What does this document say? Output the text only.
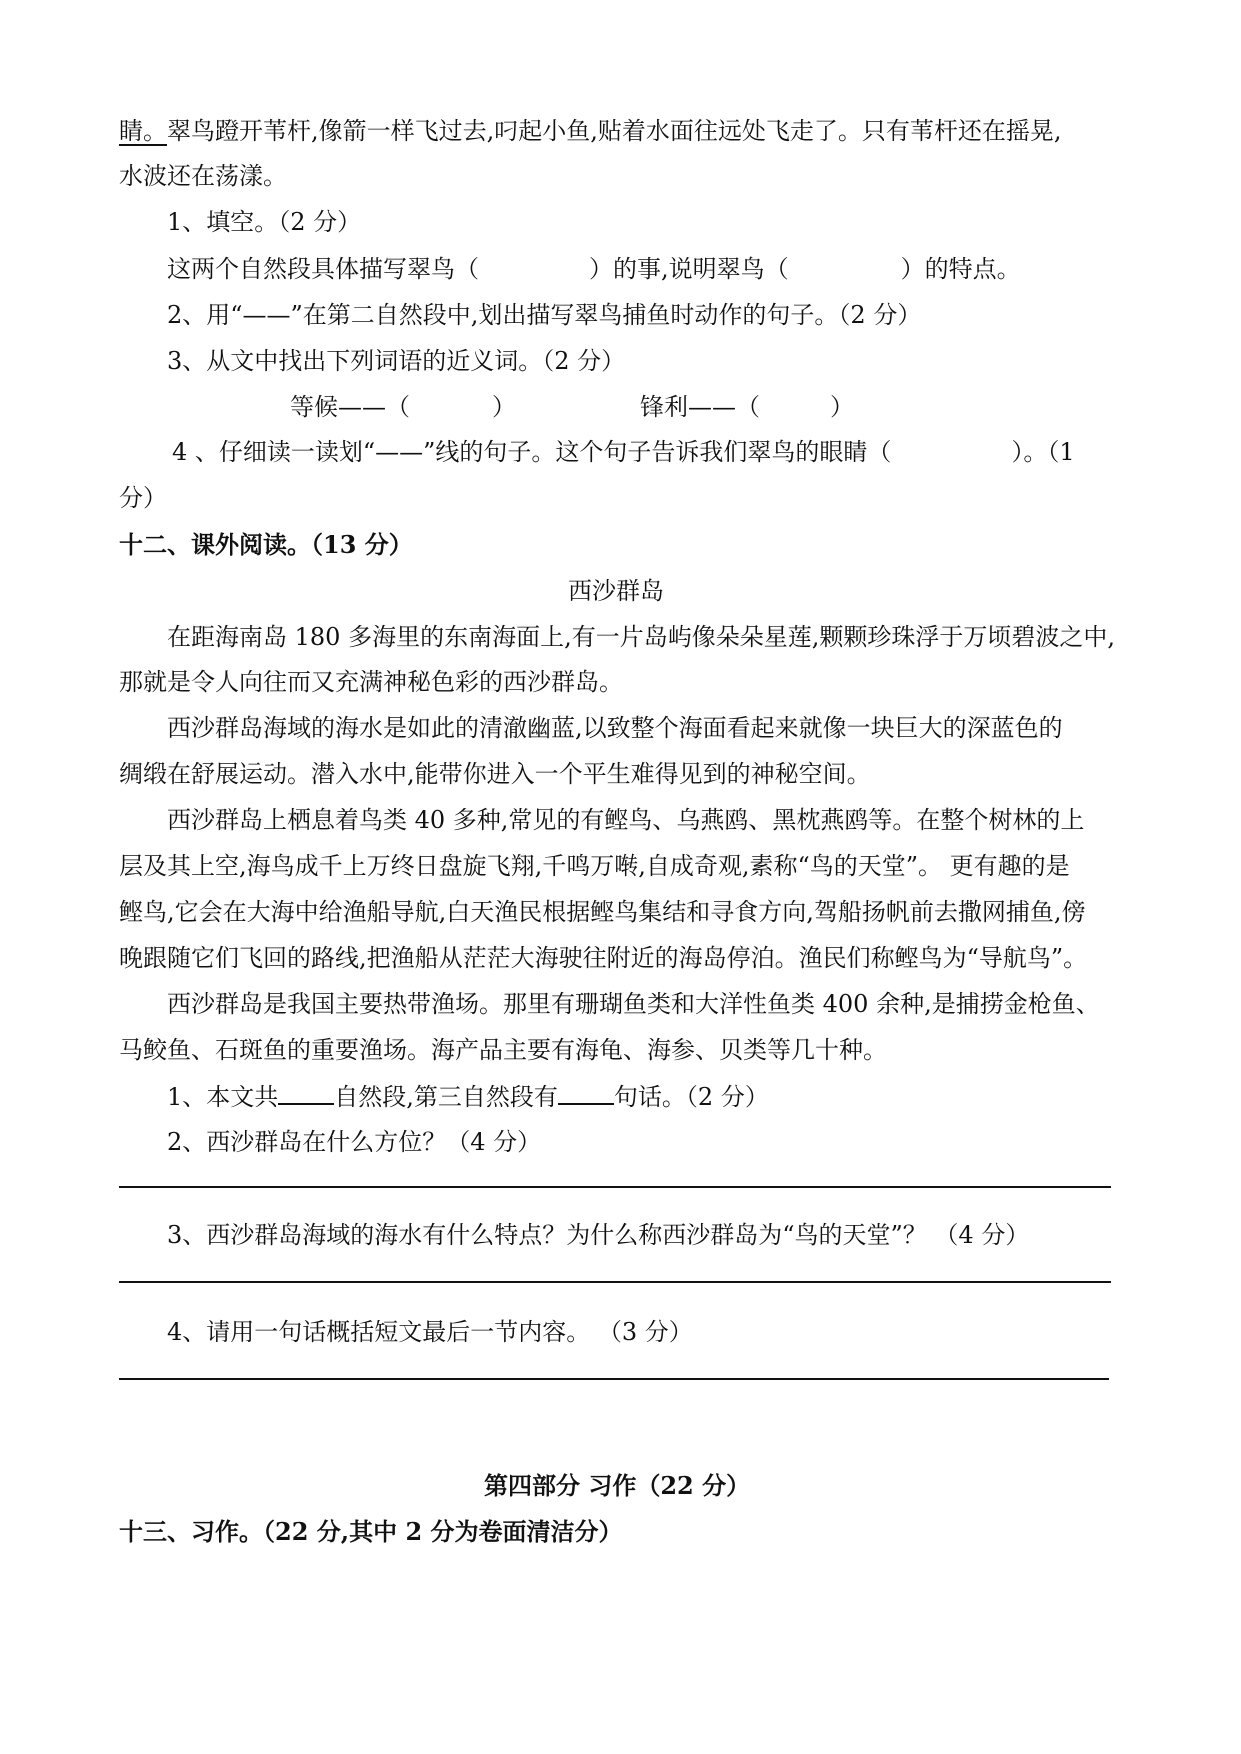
睛。翠鸟蹬开苇杆,像箭一样飞过去,叼起小鱼,贴着水面往远处飞走了。只有苇杆还在摇晃,
水波还在荡漾。
1、填空。（2 分）
这两个自然段具体描写翠鸟（	）的事,说明翠鸟（	）的特点。
2、用“——”在第二自然段中,划出描写翠鸟捕鱼时动作的句子。（2 分）
3、从文中找出下列词语的近义词。（2 分）
等候——（	）	锋利——（	）
4 、仔细读一读划“——”线的句子。这个句子告诉我们翠鸟的眼睛（	）。（1
分）
十二、课外阅读。（13 分）
西沙群岛
在距海南岛 180 多海里的东南海面上,有一片岛屿像朵朵星莲,颗颗珍珠浮于万顷碧波之中,
那就是令人向往而又充满神秘色彩的西沙群岛。
西沙群岛海域的海水是如此的清澈幽蓝,以致整个海面看起来就像一块巨大的深蓝色的
绸缎在舒展运动。潜入水中,能带你进入一个平生难得见到的神秘空间。
西沙群岛上栖息着鸟类 40 多种,常见的有鲣鸟、乌燕鸥、黑枕燕鸥等。在整个树林的上
层及其上空,海鸟成千上万终日盘旋飞翔,千鸣万啭,自成奇观,素称“鸟的天堂”。 更有趣的是
鲣鸟,它会在大海中给渔船导航,白天渔民根据鲣鸟集结和寻食方向,驾船扬帆前去撒网捕鱼,傍
晚跟随它们飞回的路线,把渔船从茫茫大海驶往附近的海岛停泊。渔民们称鲣鸟为“导航鸟”。
西沙群岛是我国主要热带渔场。那里有珊瑚鱼类和大洋性鱼类 400 余种,是捕捞金枪鱼、
马鲛鱼、石斑鱼的重要渔场。海产品主要有海龟、海参、贝类等几十种。
1、本文共 自然段,第三自然段有 句话。（2 分）
2、西沙群岛在什么方位？（4 分）
3、西沙群岛海域的海水有什么特点？为什么称西沙群岛为“鸟的天堂”？ （4 分）
4、请用一句话概括短文最后一节内容。 （3 分）
第四部分 习作（22 分）
十三、习作。（22 分,其中 2 分为卷面清洁分）
